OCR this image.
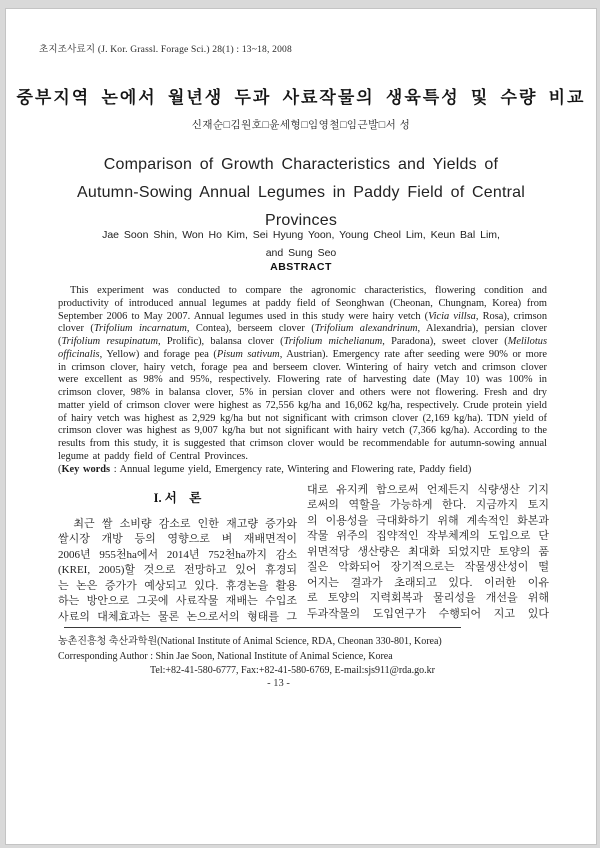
초지조사료지 (J. Kor. Grassl. Forage Sci.) 28(1) : 13~18, 2008
중부지역 논에서 월년생 두과 사료작물의 생육특성 및 수량 비교
신재순□김원호□윤세형□임영철□임근발□서 성
Comparison of Growth Characteristics and Yields of
Autumn-Sowing Annual Legumes in Paddy Field of Central
Provinces
Jae Soon Shin, Won Ho Kim, Sei Hyung Yoon, Young Cheol Lim, Keun Bal Lim,
and Sung Seo
ABSTRACT
This experiment was conducted to compare the agronomic characteristics, flowering condition and productivity of introduced annual legumes at paddy field of Seonghwan (Cheonan, Chungnam, Korea) from September 2006 to May 2007. Annual legumes used in this study were hairy vetch (Vicia villsa, Rosa), crimson clover (Trifolium incarnatum, Contea), berseem clover (Trifolium alexandrinum, Alexandria), persian clover (Trifolium resupinatum, Prolific), balansa clover (Trifolium michelianum, Paradona), sweet clover (Melilotus officinalis, Yellow) and forage pea (Pisum sativum, Austrian). Emergency rate after seeding were 90% or more in crimson clover, hairy vetch, forage pea and berseem clover. Wintering of hairy vetch and crimson clover were excellent as 98% and 95%, respectively. Flowering rate of harvesting date (May 10) was 100% in crimson clover, 98% in balansa clover, 5% in persian clover and others were not flowering. Fresh and dry matter yield of crimson clover were highest as 72,556 kg/ha and 16,062 kg/ha, respectively. Crude protein yield of hairy vetch was highest as 2,929 kg/ha but not significant with crimson clover (2,169 kg/ha). TDN yield of crimson clover was highest as 9,007 kg/ha but not significant with hairy vetch (7,366 kg/ha). According to the results from this study, it is suggested that crimson clover would be recommendable for autumn-sowing annual legume at paddy field of Central Provinces.
(Key words : Annual legume yield, Emergency rate, Wintering and Flowering rate, Paddy field)
I. 서　론
　최근 쌀 소비량 감소로 인한 재고량 증가와
쌀시장 개방 등의 영향으로 벼 재배면적이
2006년 955천ha에서 2014년 752천ha까지 감소
(KREI, 2005)할 것으로 전망하고 있어 휴경되
는 논은 증가가 예상되고 있다. 휴경논을 활용
하는 방안으로 그곳에 사료작물 재배는 수입조
사료의 대체효과는 물론 논으로서의 형태를 그
대로 유지케 함으로써 언제든지 식량생산 기지
로써의 역할을 가능하게 한다. 지금까지 토지
의 이용성을 극대화하기 위해 계속적인 화본과
작물 위주의 집약적인 작부체계의 도입으로 단
위면적당 생산량은 최대화 되었지만 토양의 품
질은 악화되어 장기적으로는 작물생산성이 떨
어지는 결과가 초래되고 있다. 이러한 이유
로 토양의 지력회복과 물리성을 개선을 위해
두과작물의 도입연구가 수행되어 지고 있다
농촌진흥청 축산과학원(National Institute of Animal Science, RDA, Cheonan 330-801, Korea)
Corresponding Author : Shin Jae Soon, National Institute of Animal Science, Korea
Tel:+82-41-580-6777, Fax:+82-41-580-6769, E-mail:sjs911@rda.go.kr
- 13 -
